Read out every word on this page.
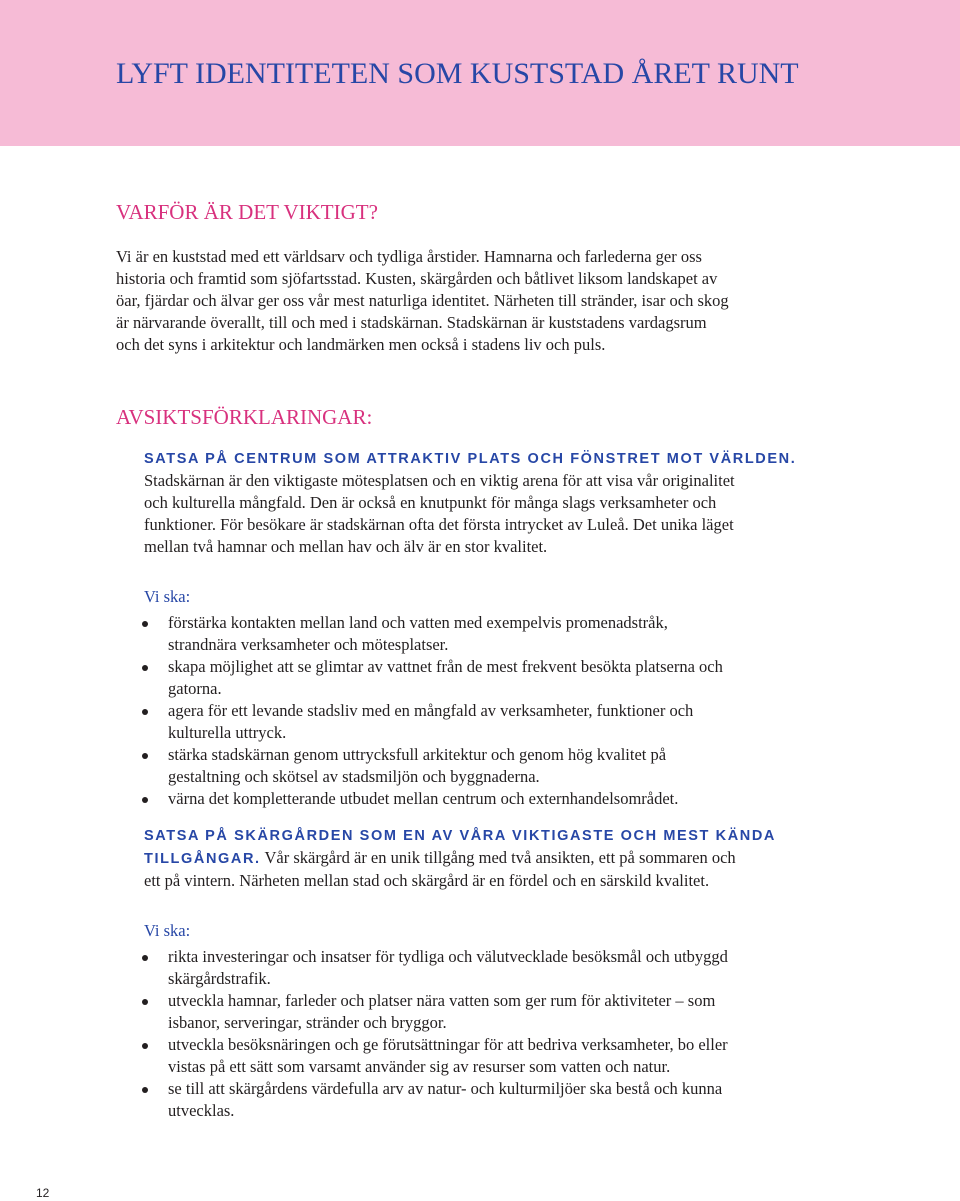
LYFT IDENTITETEN SOM KUSTSTAD ÅRET RUNT
VARFÖR ÄR DET VIKTIGT?
Vi är en kuststad med ett världsarv och tydliga årstider. Hamnarna och farlederna ger oss
historia och framtid som sjöfartsstad. Kusten, skärgården och båtlivet liksom landskapet av
öar, fjärdar och älvar ger oss vår mest naturliga identitet. Närheten till stränder, isar och skog
är närvarande överallt, till och med i stadskärnan. Stadskärnan är kuststadens vardagsrum
och det syns i arkitektur och landmärken men också i stadens liv och puls.
AVSIKTSFÖRKLARINGAR:
SATSA PÅ CENTRUM SOM ATTRAKTIV PLATS OCH FÖNSTRET MOT VÄRLDEN.
Stadskärnan är den viktigaste mötesplatsen och en viktig arena för att visa vår originalitet
och kulturella mångfald. Den är också en knutpunkt för många slags verksamheter och
funktioner. För besökare är stadskärnan ofta det första intrycket av Luleå. Det unika läget
mellan två hamnar och mellan hav och älv är en stor kvalitet.
Vi ska:
förstärka kontakten mellan land och vatten med exempelvis promenadstråk,
strandnära verksamheter och mötesplatser.
skapa möjlighet att se glimtar av vattnet från de mest frekvent besökta platserna och
gatorna.
agera för ett levande stadsliv med en mångfald av verksamheter, funktioner och
kulturella uttryck.
stärka stadskärnan genom uttrycksfull arkitektur och genom hög kvalitet på
gestaltning och skötsel av stadsmiljön och byggnaderna.
värna det kompletterande utbudet mellan centrum och externhandelsområdet.
SATSA PÅ SKÄRGÅRDEN SOM EN AV VÅRA VIKTIGASTE OCH MEST KÄNDA
TILLGÅNGAR. Vår skärgård är en unik tillgång med två ansikten, ett på sommaren och
ett på vintern. Närheten mellan stad och skärgård är en fördel och en särskild kvalitet.
Vi ska:
rikta investeringar och insatser för tydliga och välutvecklade besöksmål och utbyggd
skärgårdstrafik.
utveckla hamnar, farleder och platser nära vatten som ger rum för aktiviteter – som
isbanor, serveringar, stränder och bryggor.
utveckla besöksnäringen och ge förutsättningar för att bedriva verksamheter, bo eller
vistas på ett sätt som varsamt använder sig av resurser som vatten och natur.
se till att skärgårdens värdefulla arv av natur- och kulturmiljöer ska bestå och kunna
utvecklas.
12
